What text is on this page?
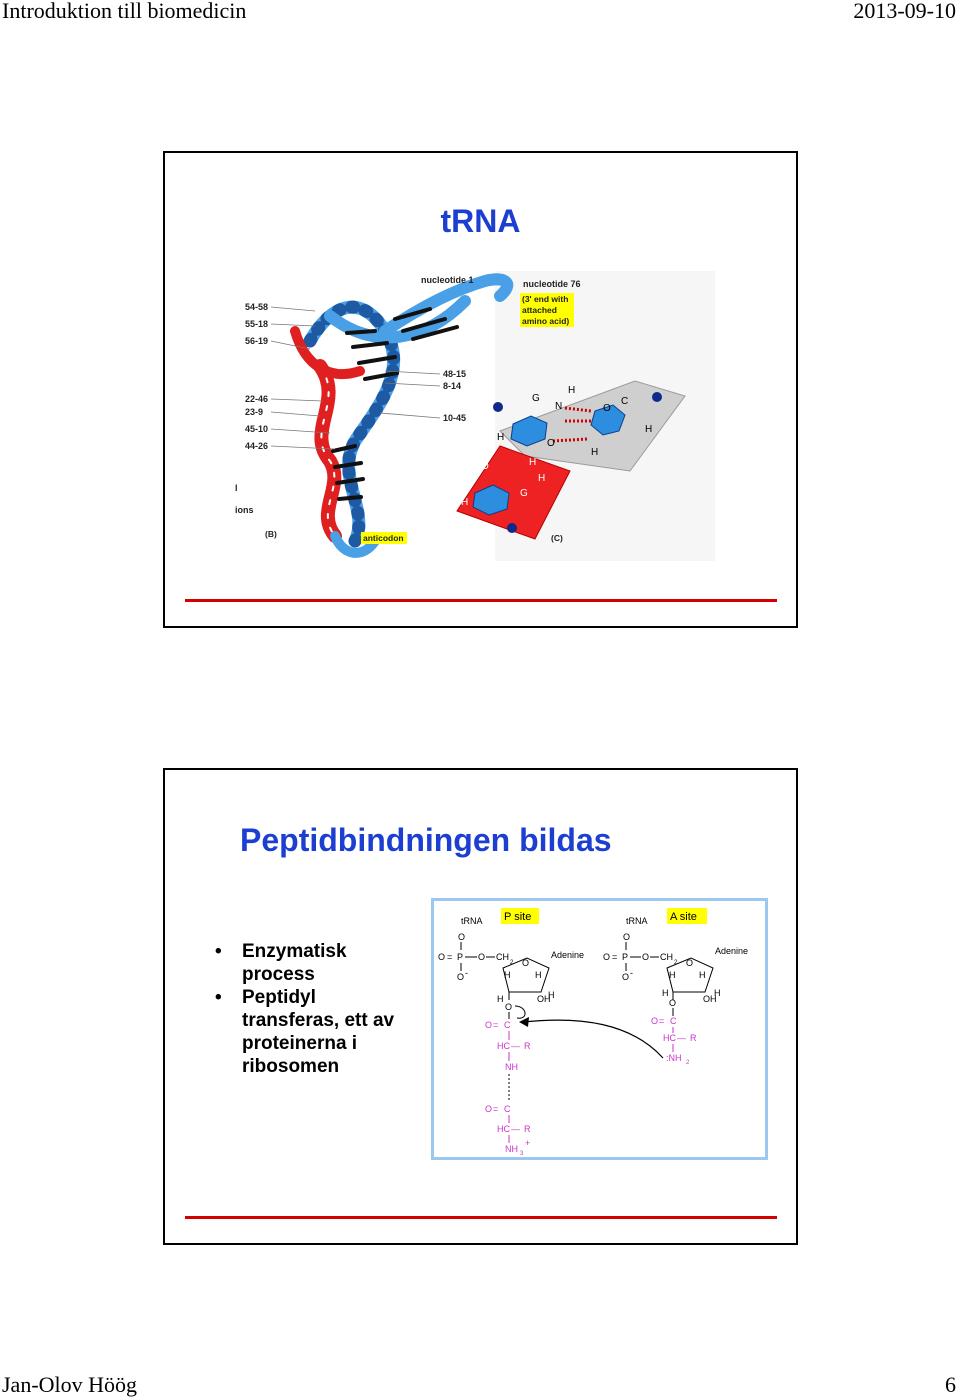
Introduktion till biomedicin	2013-09-10
tRNA
G	C
G
H
N	O
H
H
O
H
O	H
H
H
54-58
55-18
56-19
22-46
23-9
45-10
44-26
48-15
8-14
10-45
l
ions
nucleotide 1	nucleotide 76
(3' end with
attached
amino acid)
anticodon
(B)	(C)
Peptidbindningen bildas
• Enzymatisk
process
• Peptidyl
transferas, ett av
proteinerna i
ribosomen
tRNA P site
O
O = P O CH
2
O -
O
Adenine
H	H
H	OH
H
O
O = C
HC — R
NH
O = C
HC — R
NH 3
+
tRNA A site
O
O = P O CH
2
O -
O
Adenine
H	H
H
OH
H
O
O = C
HC — R
:NH 2
Jan-Olov Höög	6
